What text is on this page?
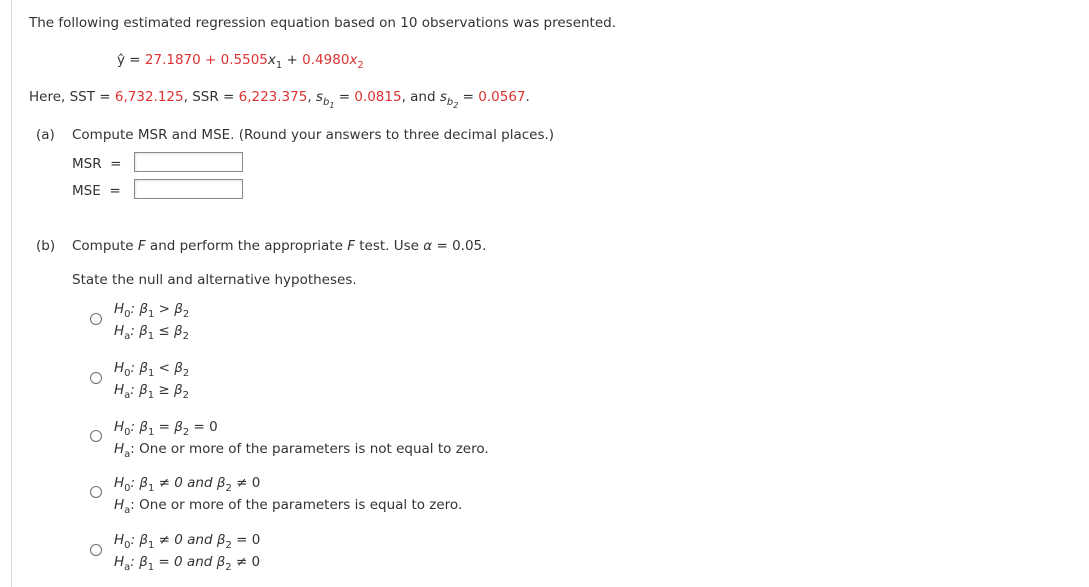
The following estimated regression equation based on 10 observations was presented.
ŷ = $27.1870 + 0.5505x_1 + 0.4980x_2$
Here, SST = 6,732.125, SSR = 6,223.375, $s_{b_1} = 0.0815$, and $s_{b_2} = 0.0567$.
(a) Compute MSR and MSE. (Round your answers to three decimal places.)
MSR  =
MSE  =
(b) Compute F and perform the appropriate F test. Use α = 0.05.
State the null and alternative hypotheses.
$H_0$: $\beta_1 > \beta_2$
$H_a$: $\beta_1 \le \beta_2$
$H_0$: $\beta_1 < \beta_2$
$H_a$: $\beta_1 \ge \beta_2$
$H_0$: $\beta_1 = \beta_2 = 0$
$H_a$: One or more of the parameters is not equal to zero.
$H_0$: $\beta_1 \ne 0$ and $\beta_2 \ne 0$
$H_a$: One or more of the parameters is equal to zero.
$H_0$: $\beta_1 \ne 0$ and $\beta_2 = 0$
$H_a$: $\beta_1 = 0$ and $\beta_2 \ne 0$
